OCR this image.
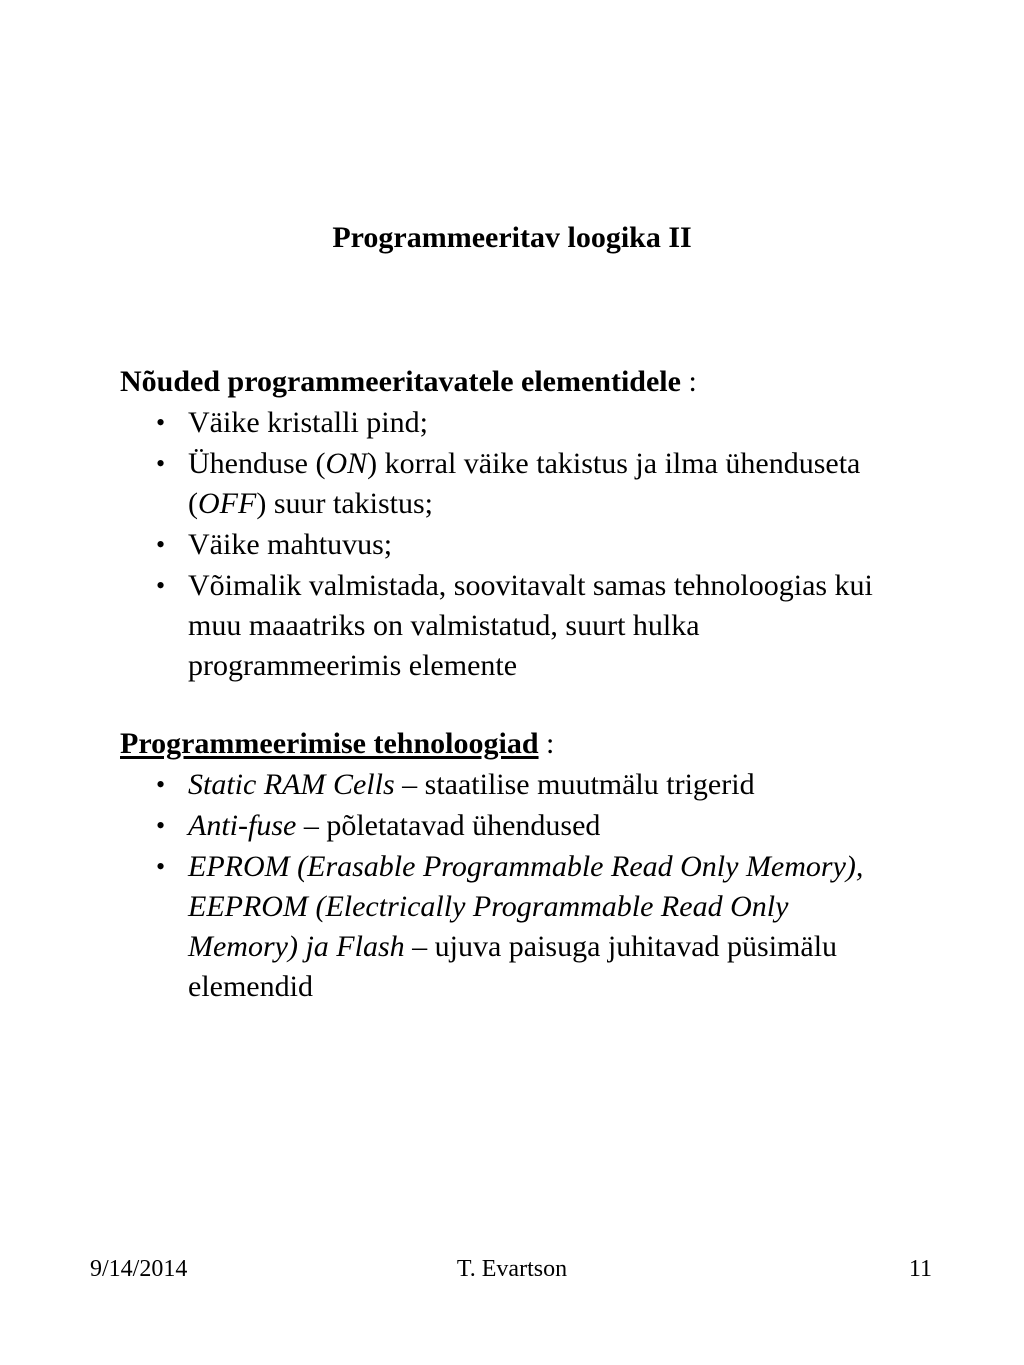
Programmeeritav loogika II

Nõuded programmeeritavatele elementidele :

• Väike kristalli pind;
• Ühenduse (ON) korral väike takistus ja ilma ühenduseta (OFF) suur takistus;
• Väike mahtuvus;
• Võimalik valmistada, soovitavalt samas tehnoloogias kui muu maaatriks on valmistatud, suurt hulka programmeerimis elemente

Programmeerimise tehnoloogiad :

• Static RAM Cells – staatilise muutmälu trigerid
• Anti-fuse – põletatavad ühendused
• EPROM (Erasable Programmable Read Only Memory), EEPROM (Electrically Programmable Read Only Memory) ja Flash – ujuva paisuga juhitavad püsimälu elemendid
9/14/2014	T. Evartson	11
